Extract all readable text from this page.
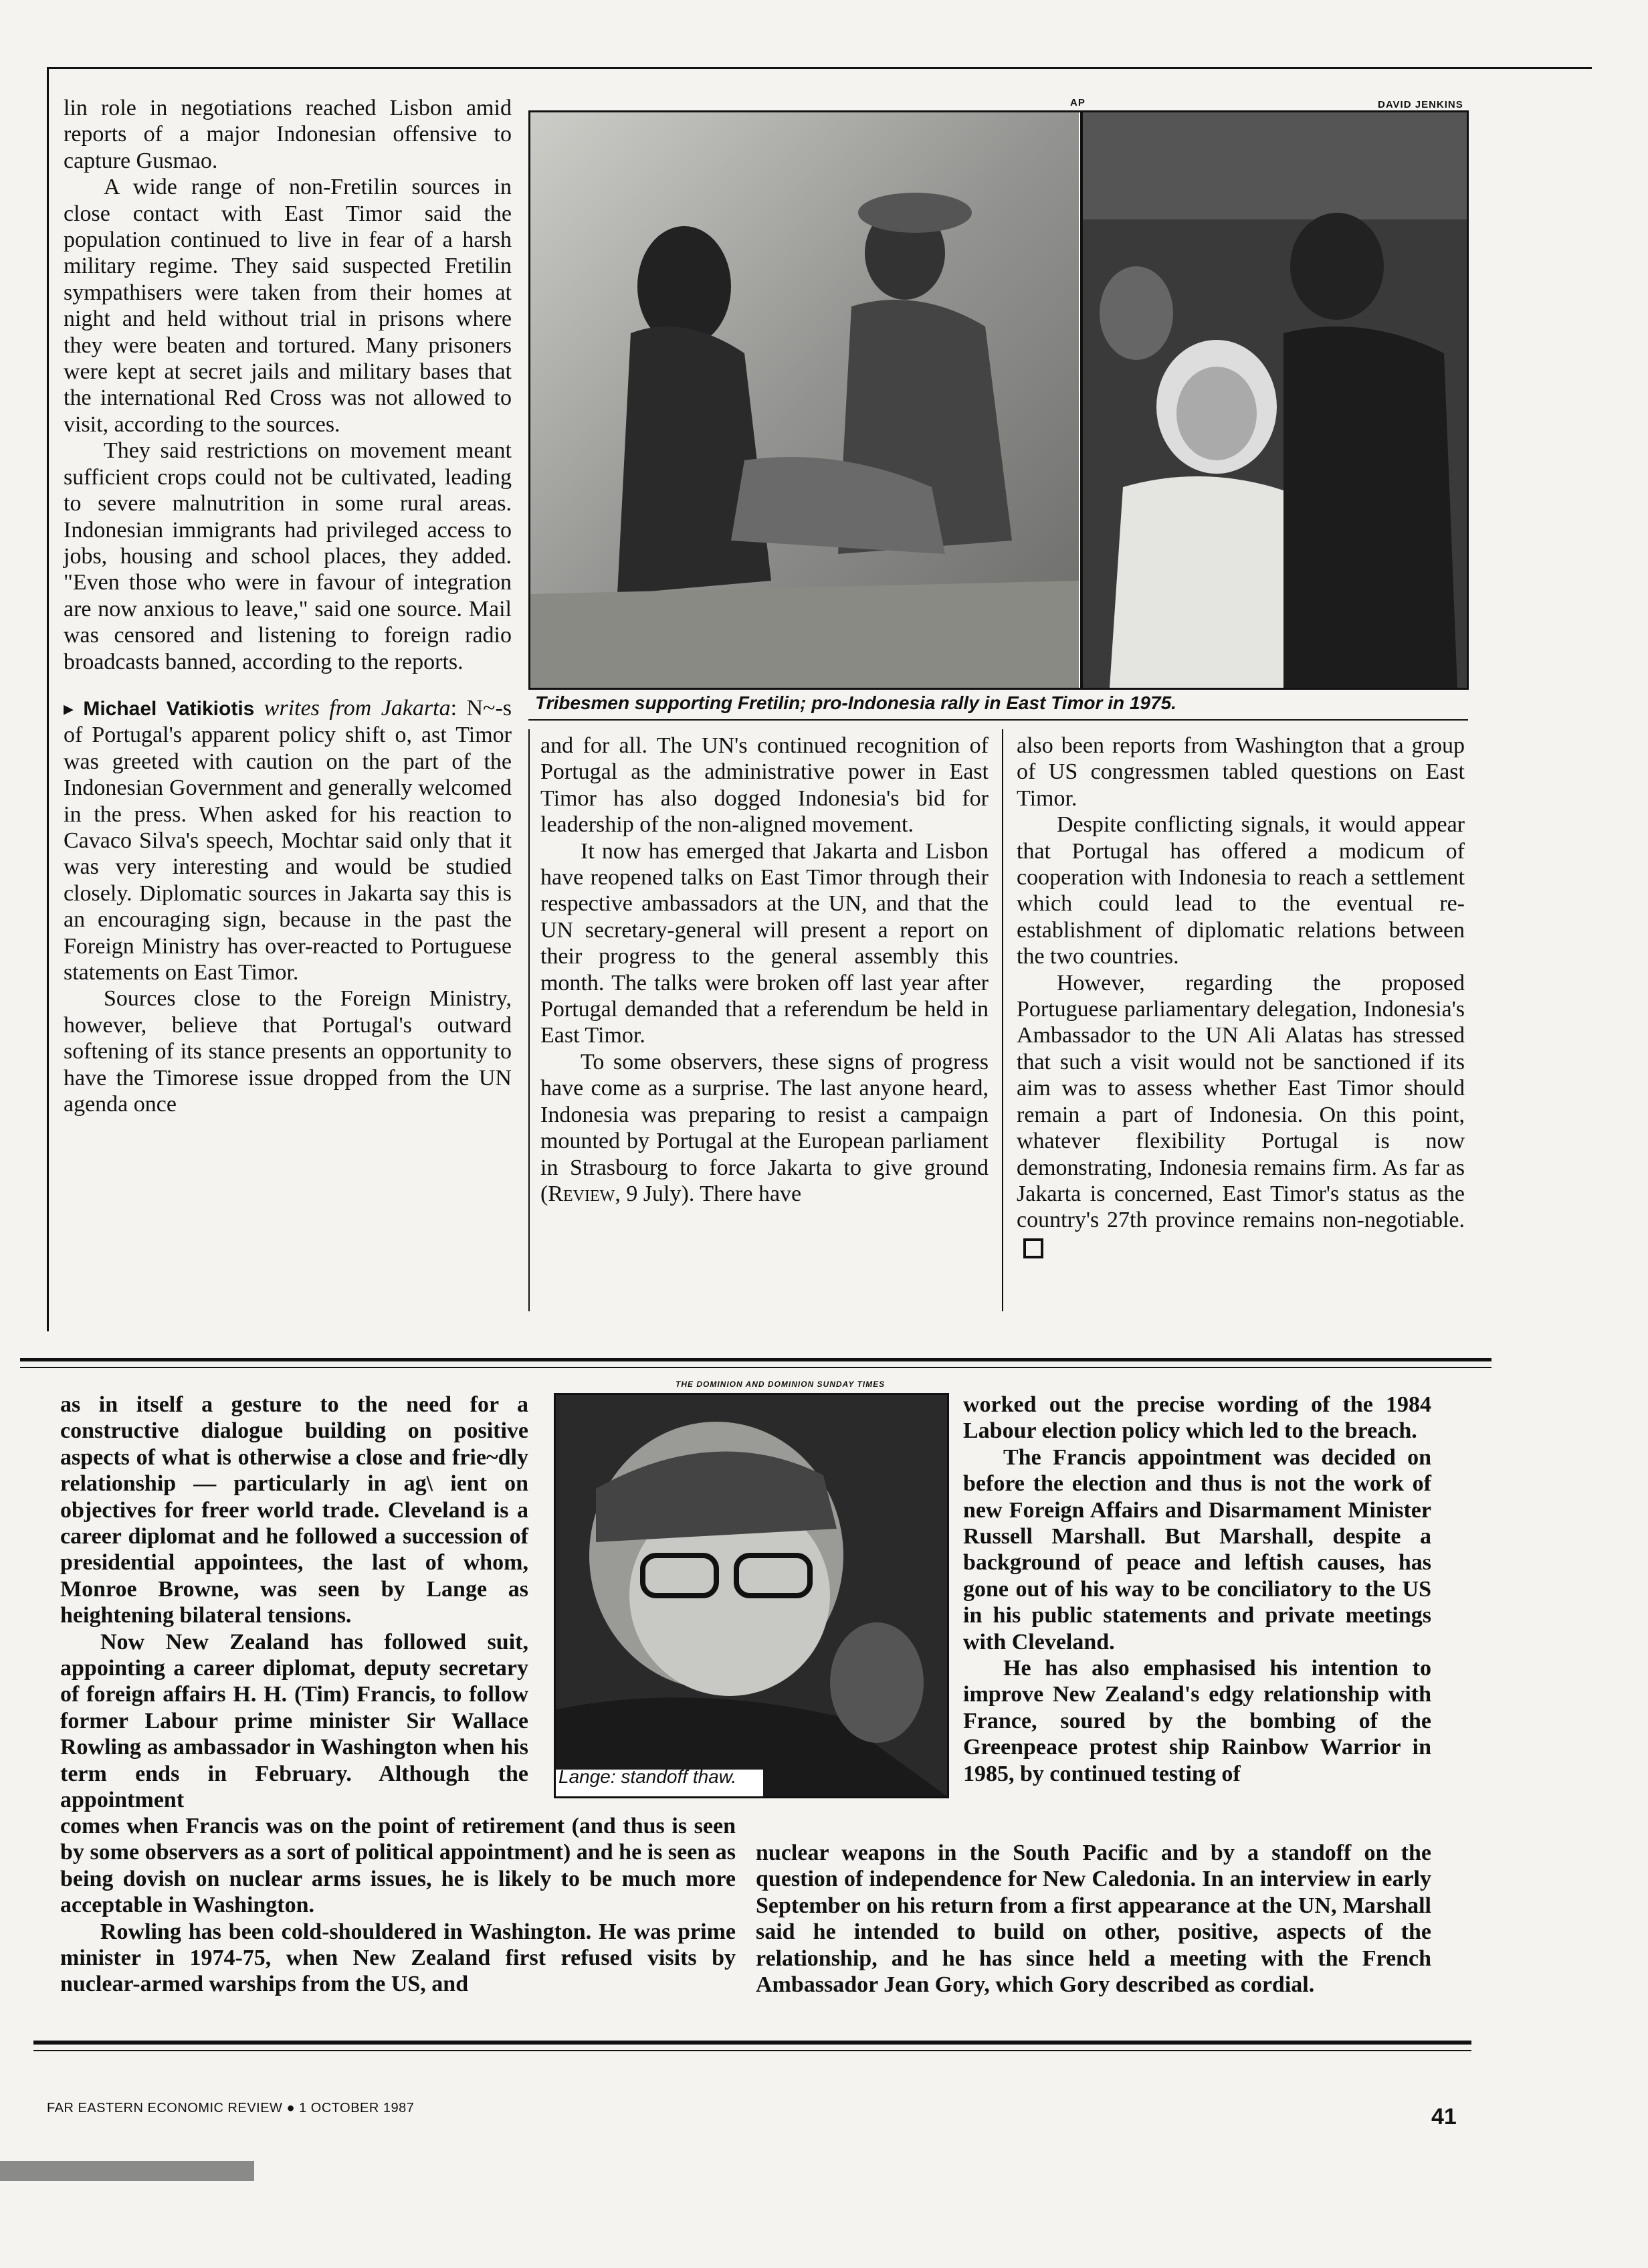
lin role in negotiations reached Lisbon amid reports of a major Indonesian offensive to capture Gusmao.

A wide range of non-Fretilin sources in close contact with East Timor said the population continued to live in fear of a harsh military regime. They said suspected Fretilin sympathisers were taken from their homes at night and held without trial in prisons where they were beaten and tortured. Many prisoners were kept at secret jails and military bases that the international Red Cross was not allowed to visit, according to the sources.

They said restrictions on movement meant sufficient crops could not be cultivated, leading to severe malnutrition in some rural areas. Indonesian immigrants had privileged access to jobs, housing and school places, they added. "Even those who were in favour of integration are now anxious to leave," said one source. Mail was censored and listening to foreign radio broadcasts banned, according to the reports.

▸ Michael Vatikiotis writes from Jakarta: N~-s of Portugal's apparent policy shift o, ast Timor was greeted with caution on the part of the Indonesian Government and generally welcomed in the press. When asked for his reaction to Cavaco Silva's speech, Mochtar said only that it was very interesting and would be studied closely. Diplomatic sources in Jakarta say this is an encouraging sign, because in the past the Foreign Ministry has over-reacted to Portuguese statements on East Timor.

Sources close to the Foreign Ministry, however, believe that Portugal's outward softening of its stance presents an opportunity to have the Timorese issue dropped from the UN agenda once

AP	DAVID JENKINS
Tribesmen supporting Fretilin; pro-Indonesia rally in East Timor in 1975.

and for all. The UN's continued recognition of Portugal as the administrative power in East Timor has also dogged Indonesia's bid for leadership of the non-aligned movement.

It now has emerged that Jakarta and Lisbon have reopened talks on East Timor through their respective ambassadors at the UN, and that the UN secretary-general will present a report on their progress to the general assembly this month. The talks were broken off last year after Portugal demanded that a referendum be held in East Timor.

To some observers, these signs of progress have come as a surprise. The last anyone heard, Indonesia was preparing to resist a campaign mounted by Portugal at the European parliament in Strasbourg to force Jakarta to give ground (Review, 9 July). There have

also been reports from Washington that a group of US congressmen tabled questions on East Timor.

Despite conflicting signals, it would appear that Portugal has offered a modicum of cooperation with Indonesia to reach a settlement which could lead to the eventual re-establishment of diplomatic relations between the two countries.

However, regarding the proposed Portuguese parliamentary delegation, Indonesia's Ambassador to the UN Ali Alatas has stressed that such a visit would not be sanctioned if its aim was to assess whether East Timor should remain a part of Indonesia. On this point, whatever flexibility Portugal is now demonstrating, Indonesia remains firm. As far as Jakarta is concerned, East Timor's status as the country's 27th province remains non-negotiable.

as in itself a gesture to the need for a constructive dialogue building on positive aspects of what is otherwise a close and frie~dly relationship — particularly in ag\ ient on objectives for freer world trade. Cleveland is a career diplomat and he followed a succession of presidential appointees, the last of whom, Monroe Browne, was seen by Lange as heightening bilateral tensions.

Now New Zealand has followed suit, appointing a career diplomat, deputy secretary of foreign affairs H. H. (Tim) Francis, to follow former Labour prime minister Sir Wallace Rowling as ambassador in Washington when his term ends in February. Although the appointment

THE DOMINION AND DOMINION SUNDAY TIMES
Lange: standoff thaw.

worked out the precise wording of the 1984 Labour election policy which led to the breach.

The Francis appointment was decided on before the election and thus is not the work of new Foreign Affairs and Disarmament Minister Russell Marshall. But Marshall, despite a background of peace and leftish causes, has gone out of his way to be conciliatory to the US in his public statements and private meetings with Cleveland.

He has also emphasised his intention to improve New Zealand's edgy relationship with France, soured by the bombing of the Greenpeace protest ship Rainbow Warrior in 1985, by continued testing of

comes when Francis was on the point of retirement (and thus is seen by some observers as a sort of political appointment) and he is seen as being dovish on nuclear arms issues, he is likely to be much more acceptable in Washington.

Rowling has been cold-shouldered in Washington. He was prime minister in 1974-75, when New Zealand first refused visits by nuclear-armed warships from the US, and

nuclear weapons in the South Pacific and by a standoff on the question of independence for New Caledonia. In an interview in early September on his return from a first appearance at the UN, Marshall said he intended to build on other, positive, aspects of the relationship, and he has since held a meeting with the French Ambassador Jean Gory, which Gory described as cordial.

FAR EASTERN ECONOMIC REVIEW ● 1 OCTOBER 1987	41
